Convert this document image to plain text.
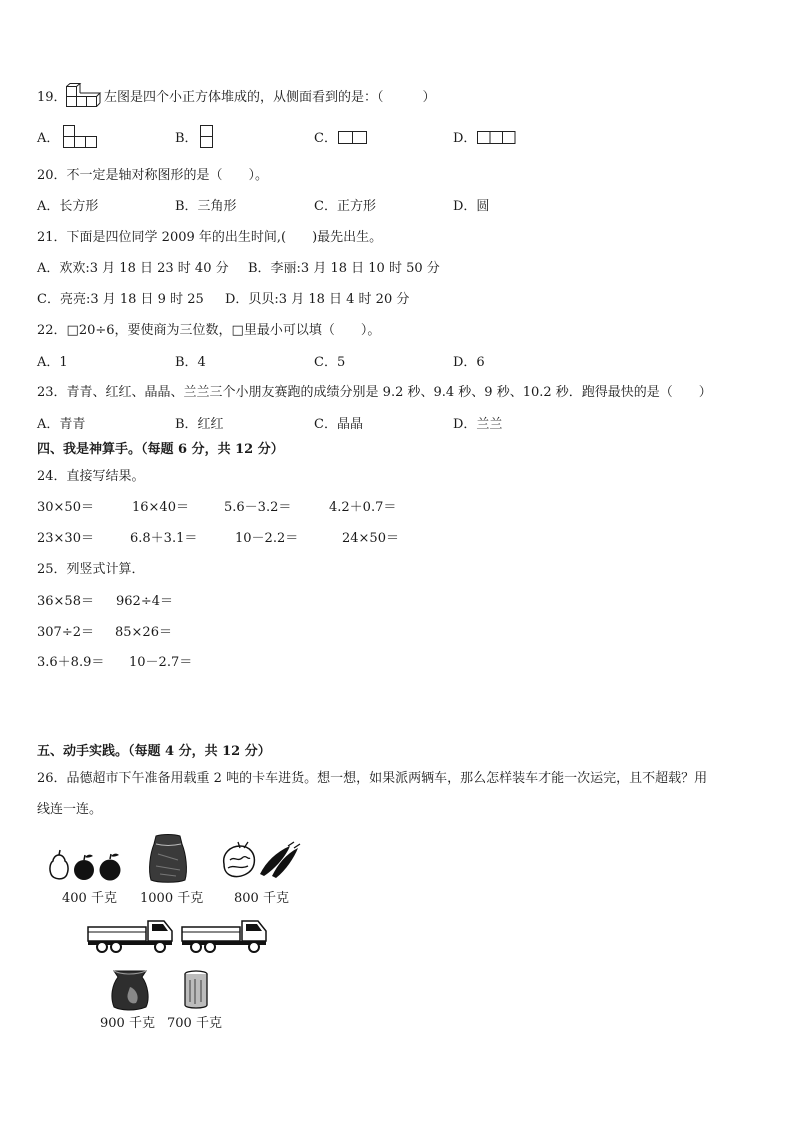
19．	左图是四个小正方体堆成的，从侧面看到的是：（　　　）
A．	B．	C．	D．
20．不一定是轴对称图形的是（　　）。
A．长方形	B．三角形	C．正方形	D．圆
21．下面是四位同学 2009 年的出生时间,(　　)最先出生。
A．欢欢:3 月 18 日 23 时 40 分 B．李丽:3 月 18 日 10 时 50 分
C．亮亮:3 月 18 日 9 时 25 D．贝贝:3 月 18 日 4 时 20 分
22．□20÷6，要使商为三位数，□里最小可以填（　　）。
A．1	B．4	C．5	D．6
23．青青、红红、晶晶、兰兰三个小朋友赛跑的成绩分别是 9.2 秒、9.4 秒、9 秒、10.2 秒．跑得最快的是（　　）
A．青青	B．红红	C．晶晶	D．兰兰
四、我是神算手。（每题 6 分，共 12 分）
24．直接写结果。
30×50＝	16×40＝	5.6－3.2＝	4.2＋0.7＝
23×30＝	6.8＋3.1＝	10－2.2＝	24×50＝
25．列竖式计算．
36×58＝ 962÷4＝
307÷2＝ 85×26＝
3.6＋8.9＝ 10－2.7＝
五、动手实践。（每题 4 分，共 12 分）
26．品德超市下午准备用载重 2 吨的卡车进货。想一想，如果派两辆车，那么怎样装车才能一次运完，且不超载？用
线连一连。
400 千克 1000 千克 800 千克
900 千克 700 千克
